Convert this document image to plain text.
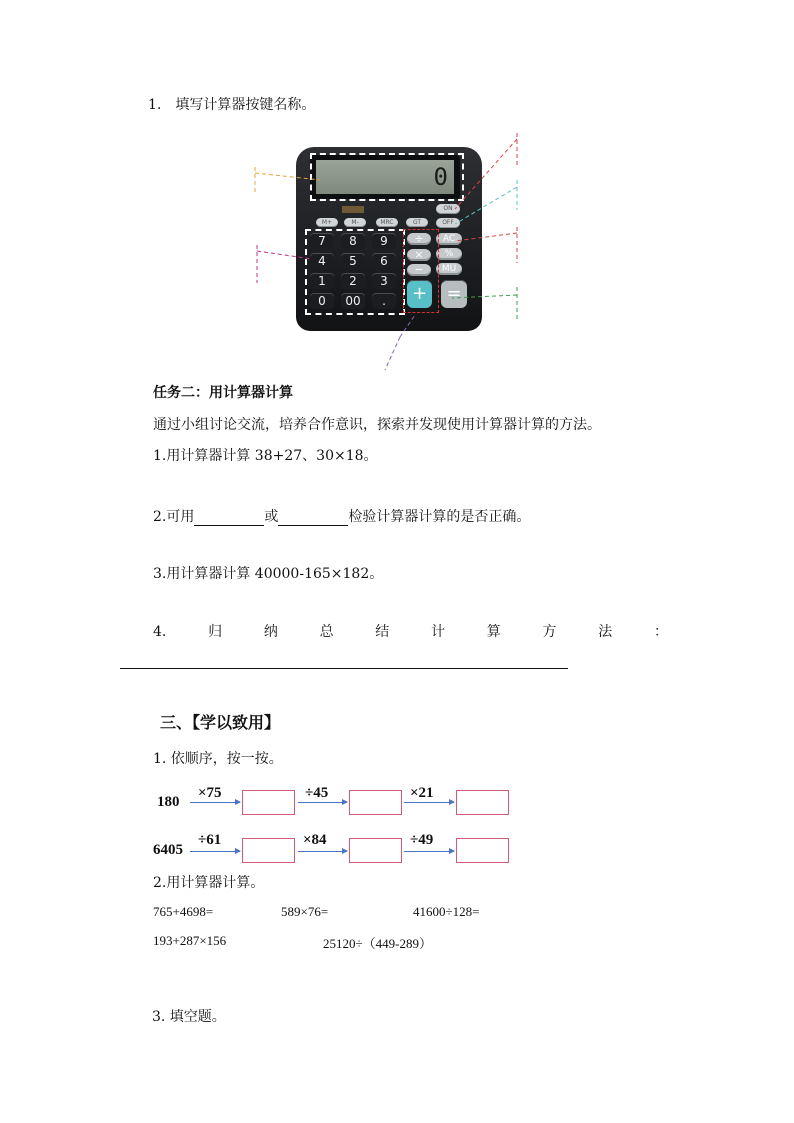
1.　填写计算器按键名称。
0
M+	M-	MRC	GT
ON
OFF
AC
%
MU
7	8	9
4	5	6
1	2	3
0	00	.
÷
×
−
+	=
任务二：用计算器计算
通过小组讨论交流，培养合作意识，探索并发现使用计算器计算的方法。
1.用计算器计算 38+27、30×18。
2.可用	或	检验计算器计算的是否正确。
3.用计算器计算 40000-165×182。
4.	归	纳	总	结	计	算	方	法	：
三、【学以致用】
1. 依顺序，按一按。
180
×75	÷45	×21
6405
÷61	×84	÷49
2.用计算器计算。
765+4698=	589×76=	41600÷128=
193+287×156	25120÷（449-289）
3. 填空题。
